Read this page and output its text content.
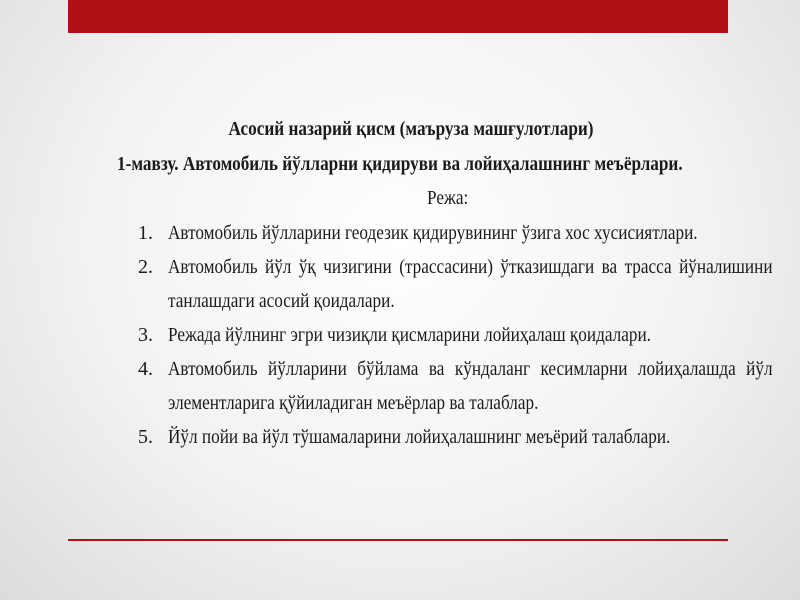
Асосий назарий қисм (маъруза машғулотлари)
1-мавзу. Автомобиль йўлларни қидируви ва лойиҳалашнинг меъёрлари.
Режа:
1. Автомобиль йўлларини геодезик қидирувининг ўзига хос хусисиятлари.
2. Автомобиль йўл ўқ чизигини (трассасини) ўтказишдаги ва трасса йўналишини танлашдаги асосий қоидалари.
3. Режада йўлнинг эгри чизиқли қисмларини лойиҳалаш қоидалари.
4. Автомобиль йўлларини бўйлама ва кўндаланг кесимларни лойиҳалашда йўл элементларига қўйиладиган меъёрлар ва талаблар.
5. Йўл пойи ва йўл тўшамаларини лойиҳалашнинг меъёрий талаблари.
